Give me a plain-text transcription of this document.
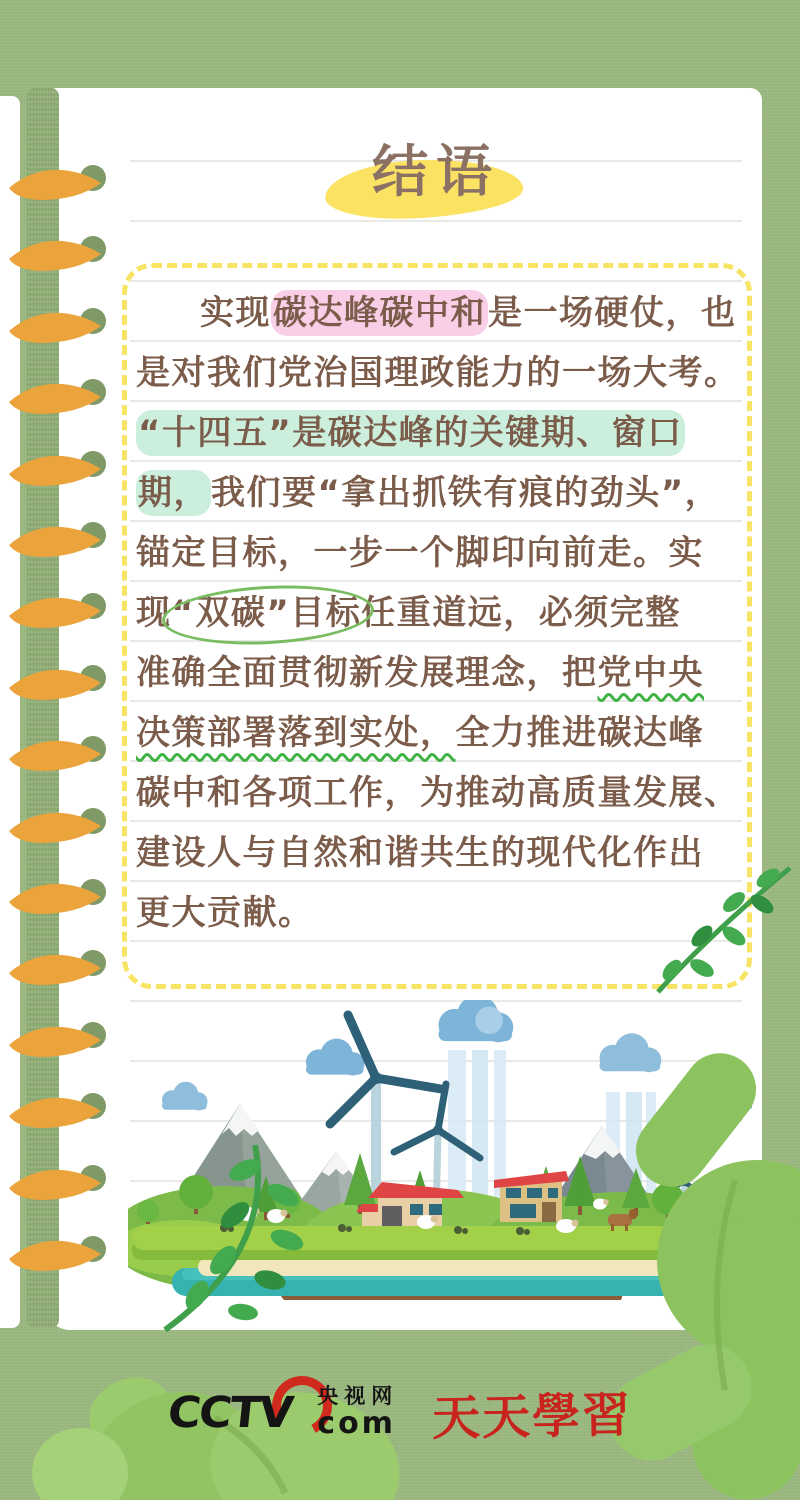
结语
实现碳达峰碳中和是一场硬仗，也
是对我们党治国理政能力的一场大考。
“十四五”是碳达峰的关键期、窗口
期，我们要“拿出抓铁有痕的劲头”，
锚定目标，一步一个脚印向前走。实
现“双碳”目标任重道远，必须完整
准确全面贯彻新发展理念，把党中央
决策部署落到实处，全力推进碳达峰
碳中和各项工作，为推动高质量发展、
建设人与自然和谐共生的现代化作出
更大贡献。
CCTV 央视网
com 天天學習
